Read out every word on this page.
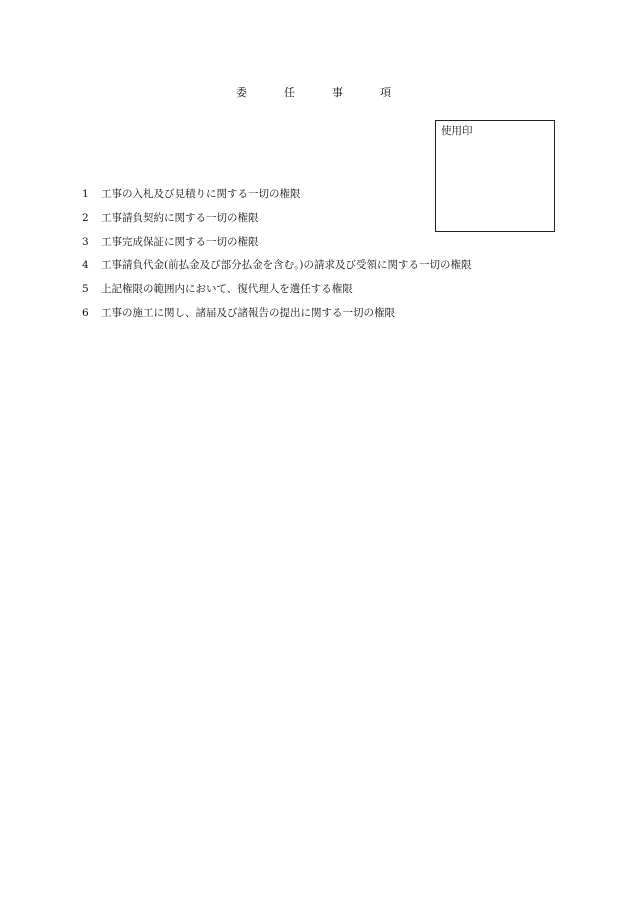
委	任	事	項
使用印
1	工事の入札及び見積りに関する一切の権限
2	工事請負契約に関する一切の権限
3	工事完成保証に関する一切の権限
4	工事請負代金(前払金及び部分払金を含む。)の請求及び受領に関する一切の権限
5	上記権限の範囲内において、復代理人を選任する権限
6	工事の施工に関し、諸届及び諸報告の提出に関する一切の権限
